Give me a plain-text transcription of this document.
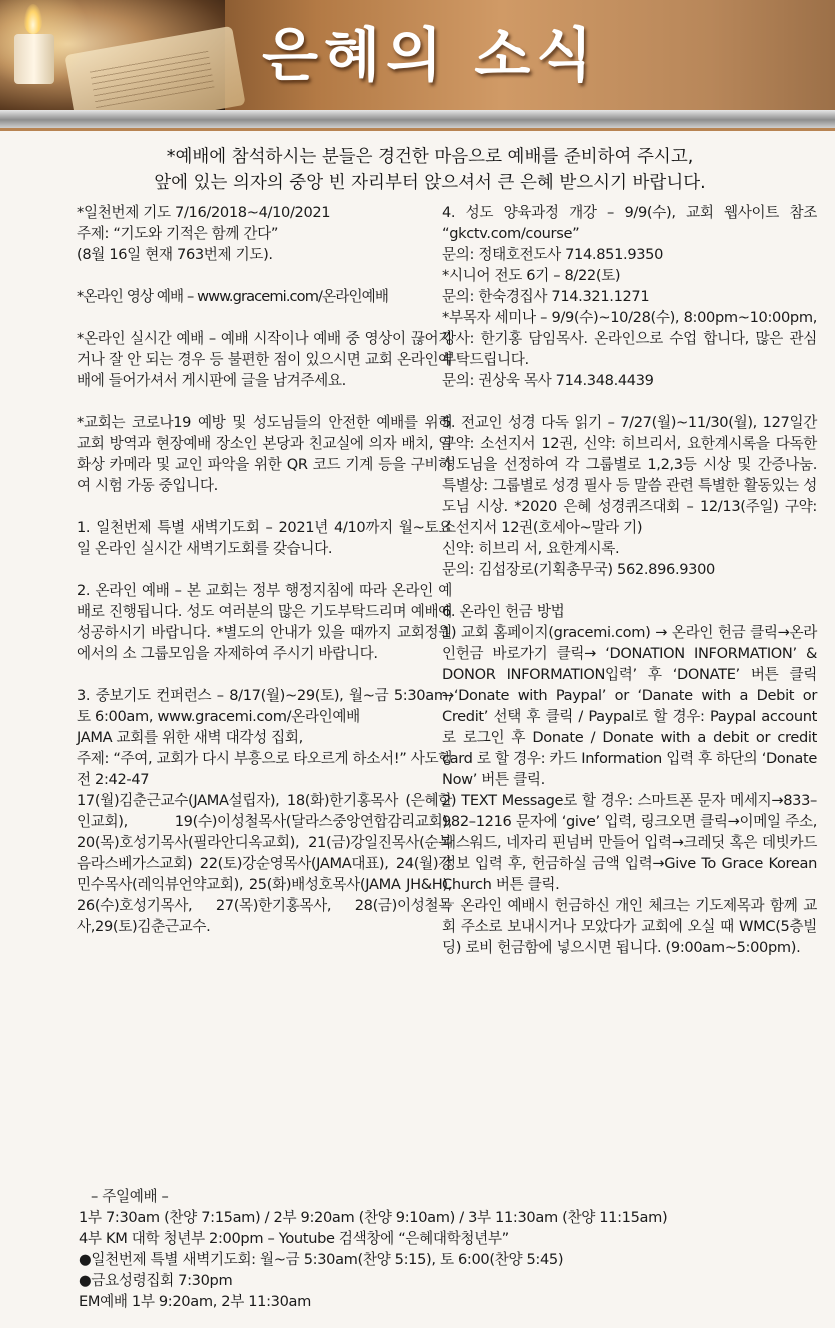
은혜의 소식
*예배에 참석하시는 분들은 경건한 마음으로 예배를 준비하여 주시고,
앞에 있는 의자의 중앙 빈 자리부터 앉으셔서 큰 은혜 받으시기 바랍니다.
*일천번제 기도 7/16/2018~4/10/2021
주제: “기도와 기적은 함께 간다”
(8월 16일 현재 763번제 기도).
*온라인 영상 예배 – www.gracemi.com/온라인예배
*온라인 실시간 예배 – 예배 시작이나 예배 중 영상이 끊어지거나 잘 안 되는 경우 등 불편한 점이 있으시면 교회 온라인예배에 들어가셔서 게시판에 글을 남겨주세요.
*교회는 코로나19 예방 및 성도님들의 안전한 예배를 위해 교회 방역과 현장예배 장소인 본당과 친교실에 의자 배치, 열 화상 카메라 및 교인 파악을 위한 QR 코드 기계 등을 구비하여 시험 가동 중입니다.
1. 일천번제 특별 새벽기도회 – 2021년 4/10까지 월~토요일 온라인 실시간 새벽기도회를 갖습니다.
2. 온라인 예배 – 본 교회는 정부 행정지침에 따라 온라인 예배로 진행됩니다. 성도 여러분의 많은 기도부탁드리며 예배에 성공하시기 바랍니다. *별도의 안내가 있을 때까지 교회정원에서의 소 그룹모임을 자제하여 주시기 바랍니다.
3. 중보기도 컨퍼런스 – 8/17(월)~29(토), 월~금 5:30am, 토 6:00am, www.gracemi.com/온라인예배
JAMA 교회를 위한 새벽 대각성 집회,
주제: “주여, 교회가 다시 부흥으로 타오르게 하소서!” 사도행전 2:42-47
17(월)김춘근교수(JAMA설립자), 18(화)한기홍목사 (은혜한인교회), 19(수)이성철목사(달라스중앙연합감리교회), 20(목)호성기목사(필라안디옥교회), 21(금)강일진목사(순복음라스베가스교회) 22(토)강순영목사(JAMA대표), 24(월)강민수목사(레익뷰언약교회), 25(화)배성호목사(JAMA JH&H), 26(수)호성기목사, 27(목)한기홍목사, 28(금)이성철목사,29(토)김춘근교수.
4. 성도 양육과정 개강 – 9/9(수), 교회 웹사이트 참조 “gkctv.com/course”
문의: 정태호전도사 714.851.9350
*시니어 전도 6기 – 8/22(토)
문의: 한숙경집사 714.321.1271
*부목자 세미나 – 9/9(수)~10/28(수), 8:00pm~10:00pm, 강사: 한기홍 담임목사. 온라인으로 수업 합니다, 많은 관심 부탁드립니다.
문의: 권상욱 목사 714.348.4439
5. 전교인 성경 다독 읽기 – 7/27(월)~11/30(월), 127일간 구약: 소선지서 12권, 신약: 히브리서, 요한계시록을 다독한 성도님을 선정하여 각 그룹별로 1,2,3등 시상 및 간증나눔. 특별상: 그룹별로 성경 필사 등 말씀 관련 특별한 활동있는 성도님 시상. *2020 은혜 성경퀴즈대회 – 12/13(주일) 구약: 소선지서 12권(호세아~말라 기)
신약: 히브리 서, 요한계시록.
문의: 김섭장로(기획총무국) 562.896.9300
6. 온라인 헌금 방법
1) 교회 홈페이지(gracemi.com) → 온라인 헌금 클릭→온라인헌금 바로가기 클릭→ ‘DONATION INFORMATION’ & DONOR INFORMATION입력’ 후 ‘DONATE’ 버튼 클릭→‘Donate with Paypal’ or ‘Danate with a Debit or Credit’ 선택 후 클릭 / Paypal로 할 경우: Paypal account로 로그인 후 Donate / Donate with a debit or credit card 로 할 경우: 카드 Information 입력 후 하단의 ‘Donate Now’ 버튼 클릭.
2) TEXT Message로 할 경우: 스마트폰 문자 메세지→833–982–1216 문자에 ‘give’ 입력, 링크오면 클릭→이메일 주소, 패스워드, 네자리 핀넘버 만들어 입력→크레딧 혹은 데빗카드정보 입력 후, 헌금하실 금액 입력→Give To Grace Korean Church 버튼 클릭.
☞ 온라인 예배시 헌금하신 개인 체크는 기도제목과 함께 교회 주소로 보내시거나 모았다가 교회에 오실 때 WMC(5층빌딩) 로비 헌금함에 넣으시면 됩니다. (9:00am~5:00pm).
– 주일예배 –
1부 7:30am (찬양 7:15am) / 2부 9:20am (찬양 9:10am) / 3부 11:30am (찬양 11:15am)
4부 KM 대학 청년부 2:00pm – Youtube 검색창에 “은혜대학청년부”
●일천번제 특별 새벽기도회: 월~금 5:30am(찬양 5:15), 토 6:00(찬양 5:45)
●금요성령집회 7:30pm
EM예배 1부 9:20am, 2부 11:30am
